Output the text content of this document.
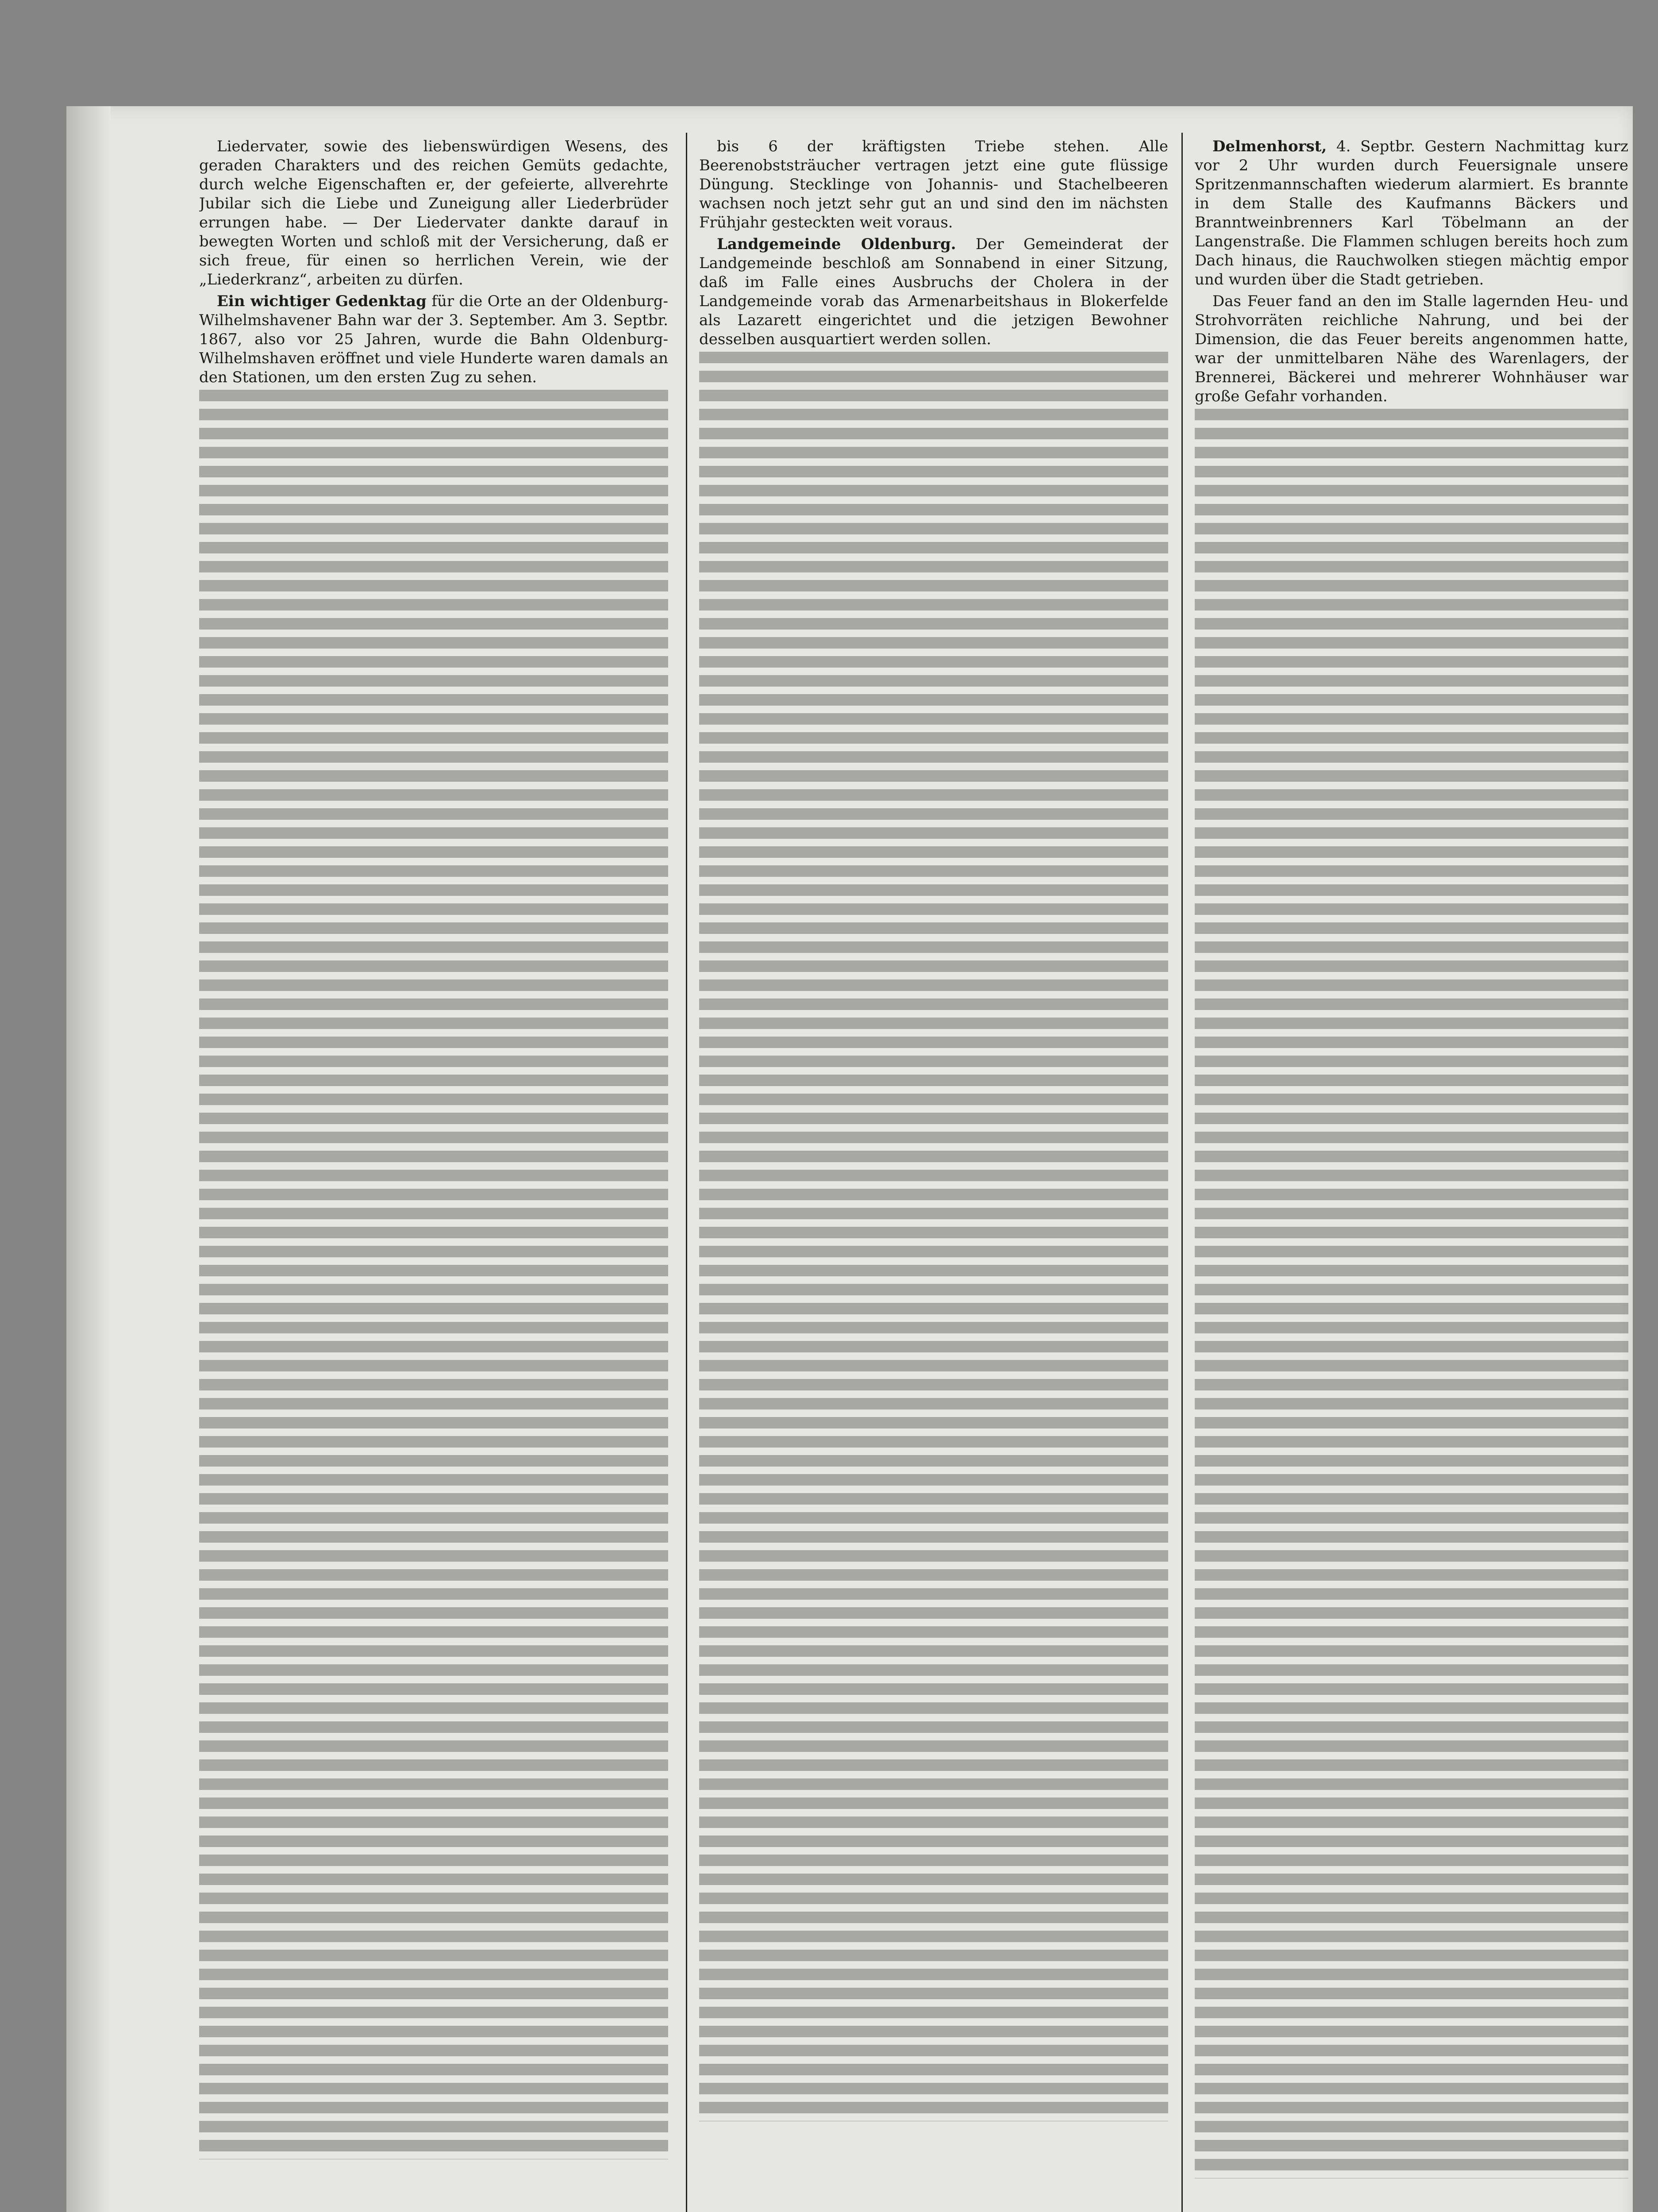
Liedervater, sowie des liebenswürdigen Wesens, des geraden Charakters und des reichen Gemüts gedachte, durch welche Eigenschaften er, der gefeierte, allverehrte Jubilar sich die Liebe und Zuneigung aller Liederbrüder errungen habe. — Der Liedervater dankte darauf in bewegten Worten und schloß mit der Versicherung, daß er sich freue, für einen so herrlichen Verein, wie der „Liederkranz“, arbeiten zu dürfen.

Ein wichtiger Gedenktag für die Orte an der Oldenburg-Wilhelmshavener Bahn war der 3. September. Am 3. Septbr. 1867, also vor 25 Jahren, wurde die Bahn Oldenburg-Wilhelmshaven eröffnet und viele Hunderte waren damals an den Stationen, um den ersten Zug zu sehen.

bis 6 der kräftigsten Triebe stehen. Alle Beerenobststräucher vertragen jetzt eine gute flüssige Düngung. Stecklinge von Johannis- und Stachelbeeren wachsen noch jetzt sehr gut an und sind den im nächsten Frühjahr gesteckten weit voraus.

Landgemeinde Oldenburg. Der Gemeinderat der Landgemeinde beschloß am Sonnabend in einer Sitzung, daß im Falle eines Ausbruchs der Cholera in der Landgemeinde vorab das Armenarbeitshaus in Blokerfelde als Lazarett eingerichtet und die jetzigen Bewohner desselben ausquartiert werden sollen.

Delmenhorst, 4. Septbr. Gestern Nachmittag kurz vor 2 Uhr wurden durch Feuersignale unsere Spritzenmannschaften wiederum alarmiert. Es brannte in dem Stalle des Kaufmanns Bäckers und Branntweinbrenners Karl Töbelmann an der Langenstraße. Die Flammen schlugen bereits hoch zum Dach hinaus, die Rauchwolken stiegen mächtig empor und wurden über die Stadt getrieben.

Das Feuer fand an den im Stalle lagernden Heu- und Strohvorräten reichliche Nahrung, und bei der Dimension, die das Feuer bereits angenommen hatte, war der unmittelbaren Nähe des Warenlagers, der Brennerei, Bäckerei und mehrerer Wohnhäuser war große Gefahr vorhanden.
